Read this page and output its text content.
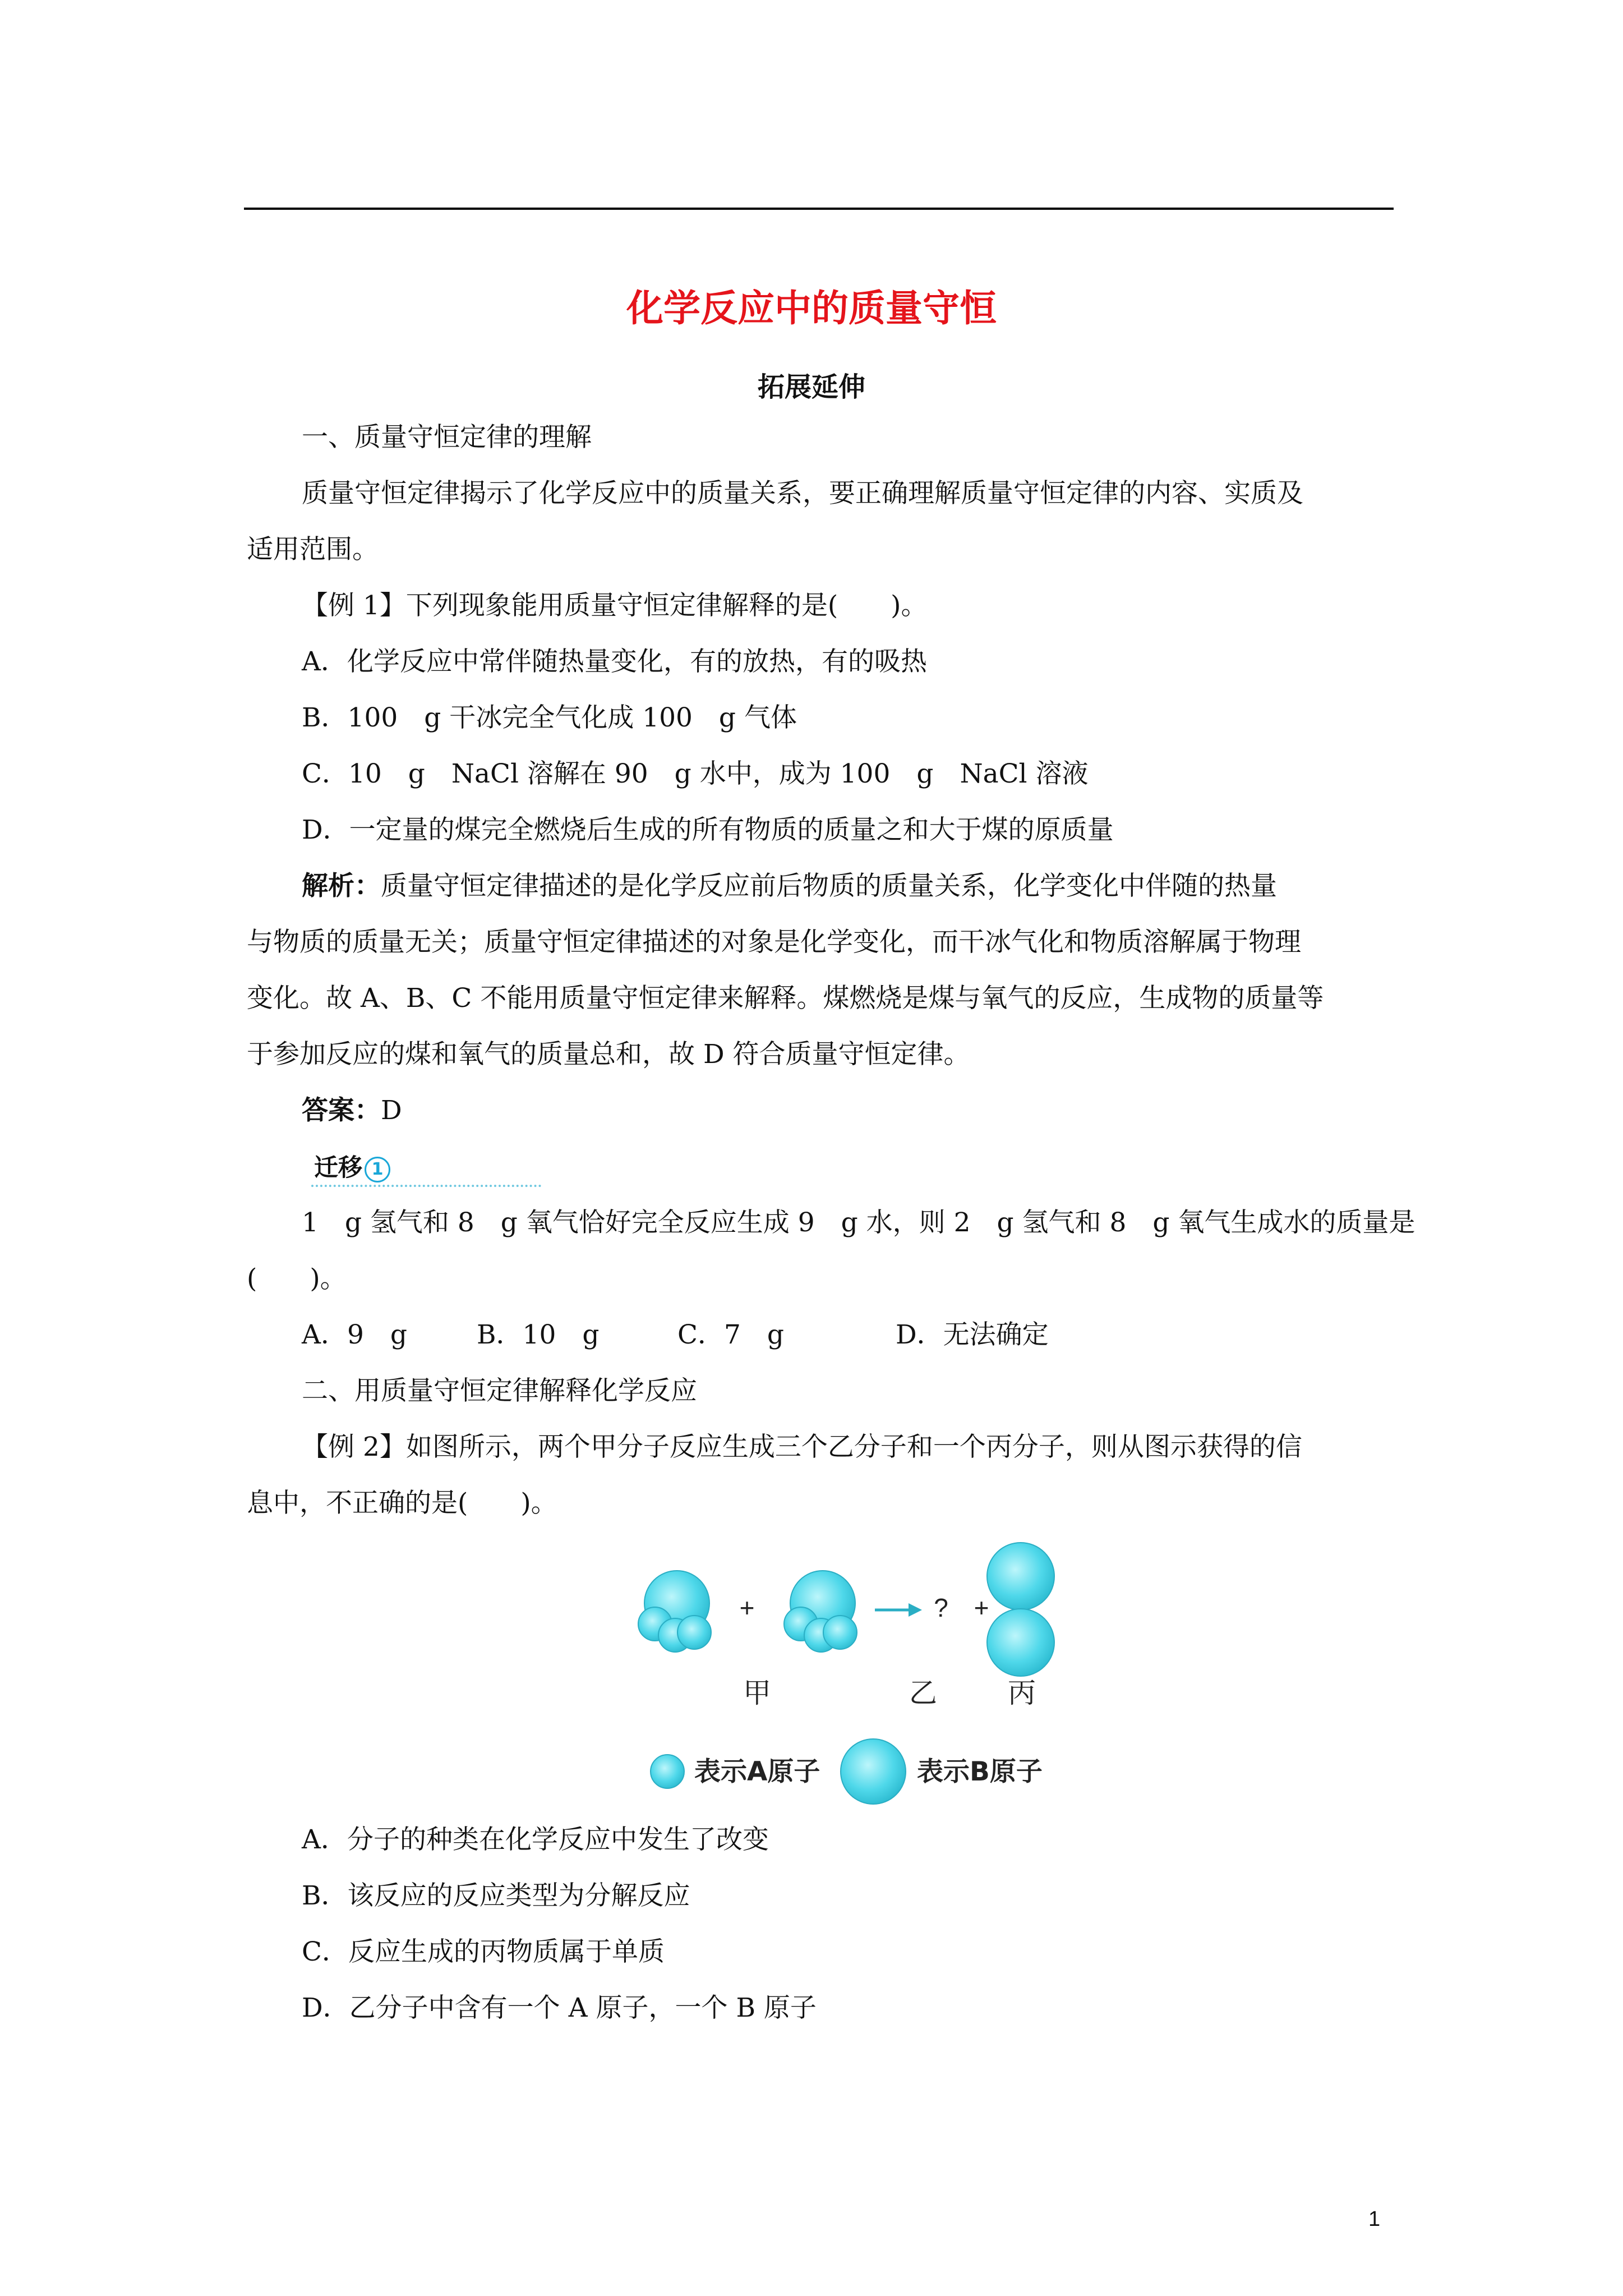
化学反应中的质量守恒
拓展延伸
一、质量守恒定律的理解
质量守恒定律揭示了化学反应中的质量关系，要正确理解质量守恒定律的内容、实质及
适用范围。
【例 1】下列现象能用质量守恒定律解释的是(　　)。
A．化学反应中常伴随热量变化，有的放热，有的吸热
B．100　g 干冰完全气化成 100　g 气体
C．10　g　NaCl 溶解在 90　g 水中，成为 100　g　NaCl 溶液
D．一定量的煤完全燃烧后生成的所有物质的质量之和大于煤的原质量
解析：质量守恒定律描述的是化学反应前后物质的质量关系，化学变化中伴随的热量
与物质的质量无关；质量守恒定律描述的对象是化学变化，而干冰气化和物质溶解属于物理
变化。故 A、B、C 不能用质量守恒定律来解释。煤燃烧是煤与氧气的反应，生成物的质量等
于参加反应的煤和氧气的质量总和，故 D 符合质量守恒定律。
答案：D
迁移 1
1　g 氢气和 8　g 氧气恰好完全反应生成 9　g 水，则 2　g 氢气和 8　g 氧气生成水的质量是
(　　)。
A．9　g	B．10　g	C．7　g	D．无法确定
二、用质量守恒定律解释化学反应
【例 2】如图所示，两个甲分子反应生成三个乙分子和一个丙分子，则从图示获得的信
息中，不正确的是(　　)。
+	? +
甲	乙	丙
表示A原子	表示B原子
A．分子的种类在化学反应中发生了改变
B．该反应的反应类型为分解反应
C．反应生成的丙物质属于单质
D．乙分子中含有一个 A 原子，一个 B 原子
1
